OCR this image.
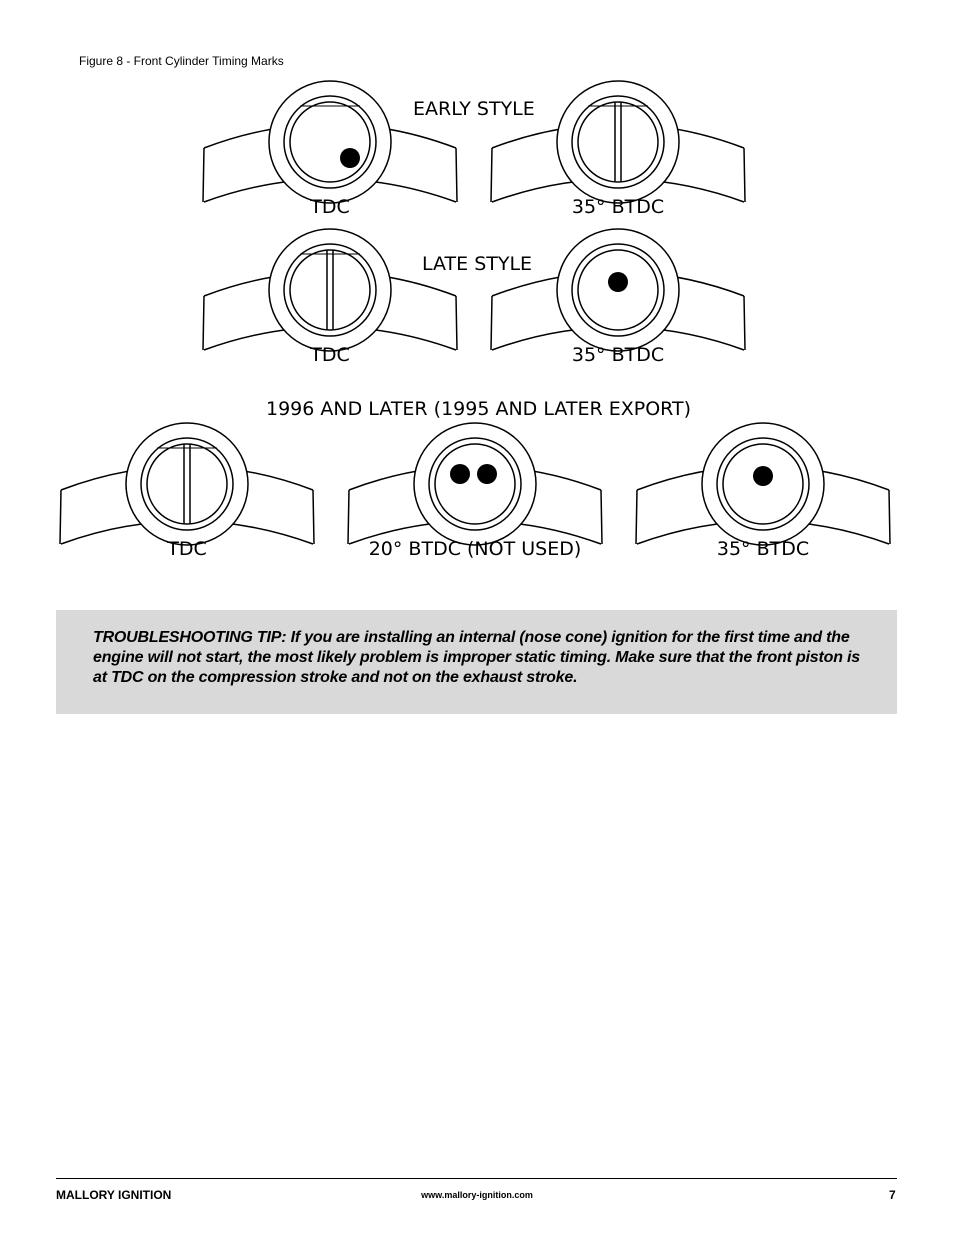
Figure 8 - Front Cylinder Timing Marks
EARLY STYLE
LATE STYLE
1996 AND LATER (1995 AND LATER EXPORT)
TDC	35° BTDC
TDC	35° BTDC
TDC	20° BTDC (NOT USED)	35° BTDC
TROUBLESHOOTING TIP: If you are installing an internal (nose cone) ignition for the first time and the engine will not start, the most likely problem is improper static timing. Make sure that the front piston is at TDC on the compression stroke and not on the exhaust stroke.
MALLORY IGNITION	www.mallory-ignition.com	7
